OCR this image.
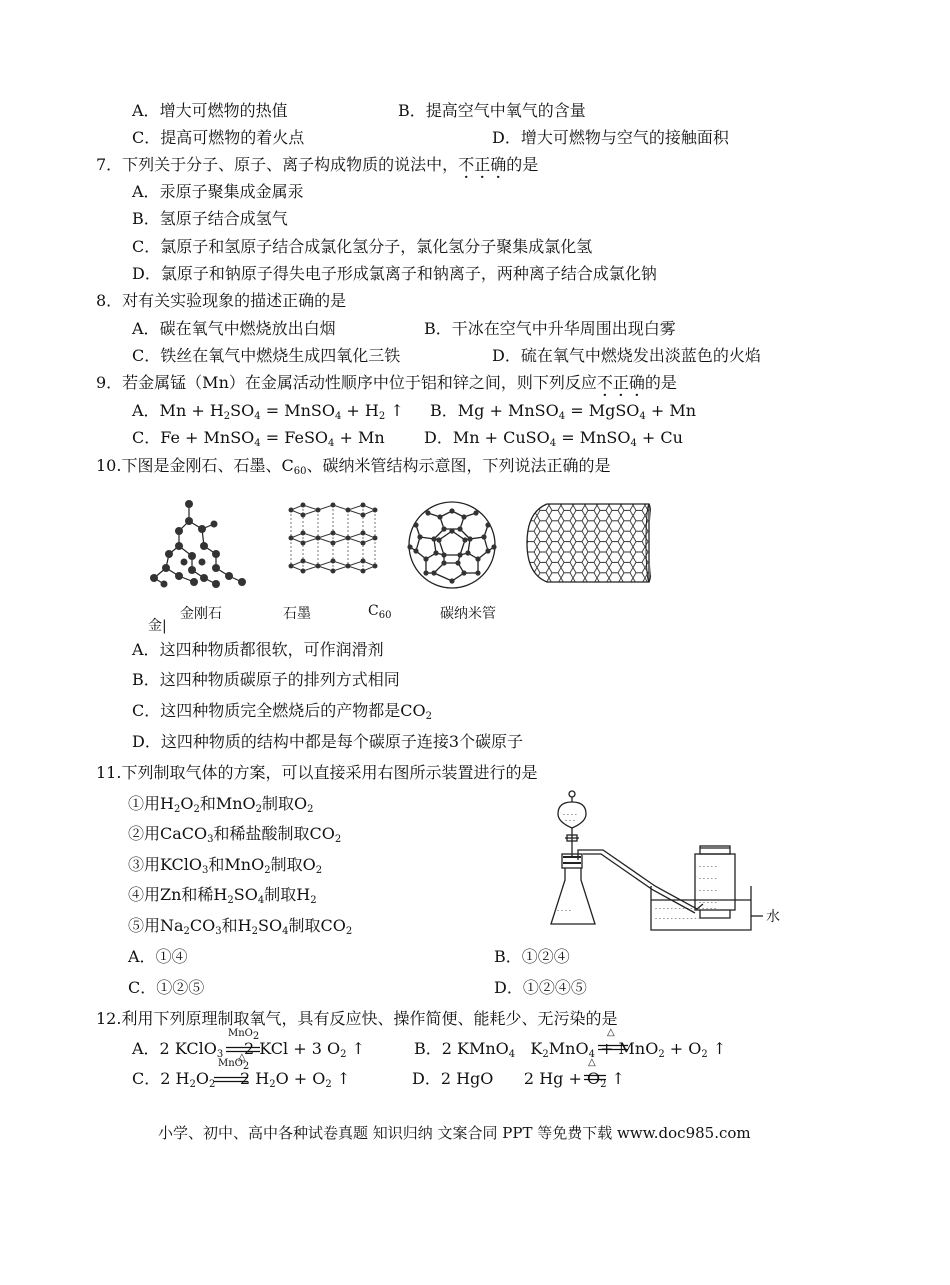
A．增大可燃物的热值	B．提高空气中氧气的含量
C．提高可燃物的着火点	D．增大可燃物与空气的接触面积
7．下列关于分子、原子、离子构成物质的说法中，不正确的是
A．汞原子聚集成金属汞
B．氢原子结合成氢气
C．氯原子和氢原子结合成氯化氢分子，氯化氢分子聚集成氯化氢
D．氯原子和钠原子得失电子形成氯离子和钠离子，两种离子结合成氯化钠
8．对有关实验现象的描述正确的是
A．碳在氧气中燃烧放出白烟	B．干冰在空气中升华周围出现白雾
C．铁丝在氧气中燃烧生成四氧化三铁	D．硫在氧气中燃烧发出淡蓝色的火焰
9．若金属锰（Mn）在金属活动性顺序中位于铝和锌之间，则下列反应不正确的是
A．$Mn + H_2SO_4$ = MnSO$_4$ + $H_2$ ↑ B．Mg + MnSO$_4$ = MgSO$_4$ + Mn
C．Fe + MnSO$_4$ = FeSO$_4$ + Mn D．Mn + CuSO$_4$ = MnSO$_4$ + Cu
10.下图是金刚石、石墨、$C_{60}$、碳纳米管结构示意图，下列说法正确的是
金刚石	石墨	$C_{60}$	碳纳米管
金|
A．这四种物质都很软，可作润滑剂
B．这四种物质碳原子的排列方式相同
C．这四种物质完全燃烧后的产物都是$CO_2$
D．这四种物质的结构中都是每个碳原子连接3个碳原子
11.下列制取气体的方案，可以直接采用右图所示装置进行的是
①用$H_2O_2$和MnO$_2$制取$O_2$
②用CaCO$_3$和稀盐酸制取$CO_2$
③用KClO$_3$和MnO$_2$制取$O_2$
④用Zn和稀$H_2SO_4$制取$H_2$
⑤用$Na_2CO_3$和$H_2SO_4$制取$CO_2$
- - - -
- - -
- - - - - - - - - - - - - - - -
- - - - - - - - - - - - - - - -
- - - - -
- - - - -
- - - - -
- - - - -
- - - -	水
A．①④	B．①②④
C．①②⑤	D．①②④⑤
12.利用下列原理制取氧气，具有反应快、操作简便、能耗少、无污染的是
A．2 KClO$_3$
MnO$_2$
△
2 KCl + 3 $O_2$ ↑	B．2 KMnO$_4$   $K_2MnO_4 + MnO_2 + O_2$ ↑
△
C．2 $H_2O_2$
MnO$_2$
2 $H_2O + O_2$ ↑	D．2 HgO      2 $Hg + O_2$ ↑
△
小学、初中、高中各种试卷真题 知识归纳 文案合同 PPT 等免费下载 www.doc985.com
